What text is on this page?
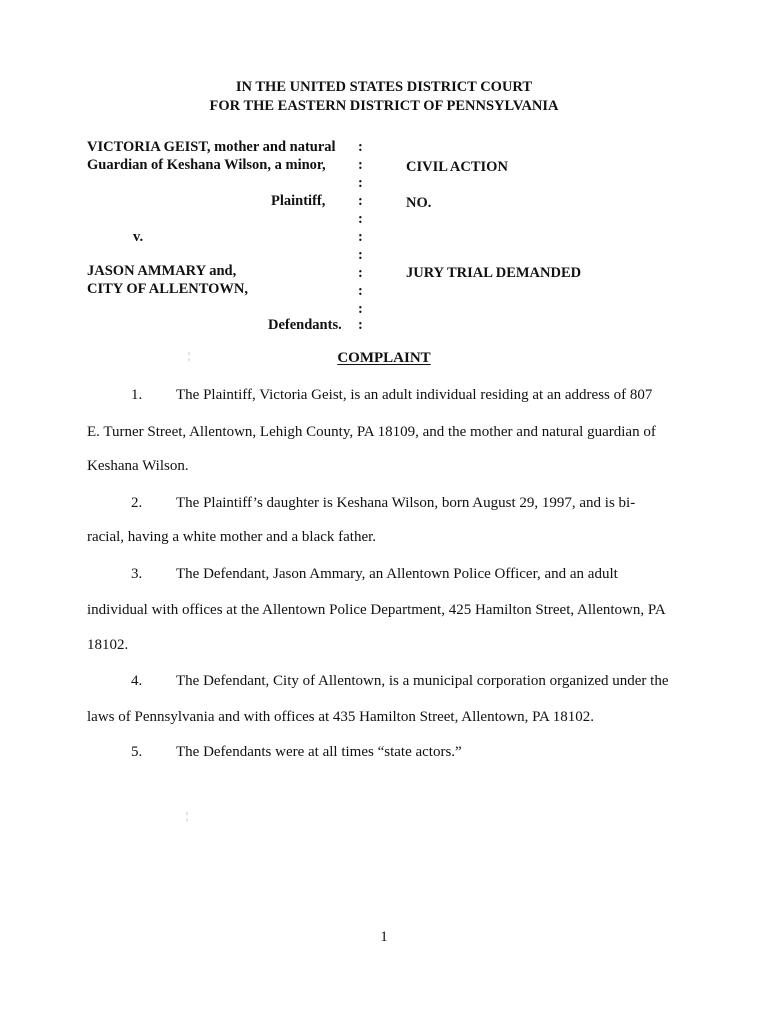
IN THE UNITED STATES DISTRICT COURT
FOR THE EASTERN DISTRICT OF PENNSYLVANIA
VICTORIA GEIST, mother and natural
Guardian of Keshana Wilson, a minor,
Plaintiff,
v.
JASON AMMARY and,
CITY OF ALLENTOWN,
Defendants.
:
:
:
:
:
:
:
:
:
:
:
CIVIL ACTION
NO.
JURY TRIAL DEMANDED
COMPLAINT
¦
¦
1. The Plaintiff, Victoria Geist, is an adult individual residing at an address of 807
E. Turner Street, Allentown, Lehigh County, PA 18109, and the mother and natural guardian of
Keshana Wilson.
2. The Plaintiff’s daughter is Keshana Wilson, born August 29, 1997, and is bi-
racial, having a white mother and a black father.
3. The Defendant, Jason Ammary, an Allentown Police Officer, and an adult
individual with offices at the Allentown Police Department, 425 Hamilton Street, Allentown, PA
18102.
4. The Defendant, City of Allentown, is a municipal corporation organized under the
laws of Pennsylvania and with offices at 435 Hamilton Street, Allentown, PA 18102.
5. The Defendants were at all times “state actors.”
1
